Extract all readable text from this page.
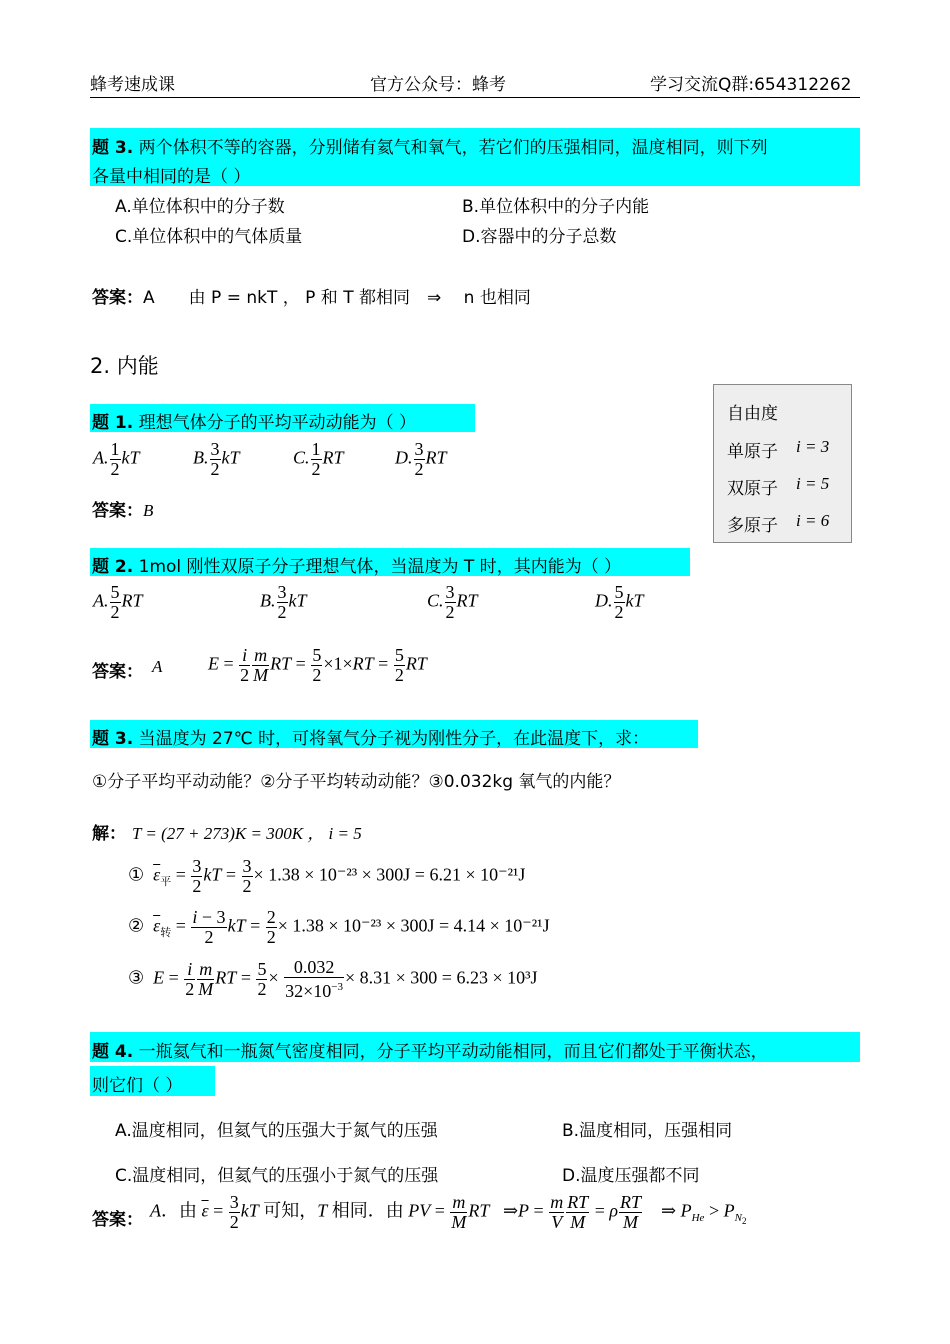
蜂考速成课	官方公众号：蜂考	学习交流Q群:654312262
题 3. 两个体积不等的容器，分别储有氦气和氧气，若它们的压强相同，温度相同，则下列
各量中相同的是（ ）
A.单位体积中的分子数	B.单位体积中的分子内能
C.单位体积中的气体质量	D.容器中的分子总数
答案：A　　由 P = nkT ， P 和 T 都相同　⇒　 n 也相同
2. 内能
自由度
单原子 i = 3
双原子 i = 5
多原子 i = 6
题 1. 理想气体分子的平均平动动能为（ ）
A. $\frac{1}{2}$ kT	B. $\frac{3}{2}$ kT	C. $\frac{1}{2}$ RT	D. $\frac{3}{2}$ RT
答案：B
题 2. 1mol 刚性双原子分子理想气体，当温度为 T 时，其内能为（ ）
A. $\frac{5}{2}$ RT	B. $\frac{3}{2}$ kT	C. $\frac{3}{2}$ RT	D. $\frac{5}{2}$ kT
答案： A	$E = \frac{i}{2} \frac{m}{M}$ RT = $\frac{5}{2} \times 1\times RT = \frac{5}{2}$ RT
题 3. 当温度为 27℃ 时，可将氧气分子视为刚性分子，在此温度下，求：
①分子平均平动动能？②分子平均转动动能？③0.032kg 氧气的内能？
解： T = (27 + 273)K = 300K ， i = 5
① $\overline{\varepsilon}_平 = \frac{3}{2}$ kT = $\frac{3}{2} \times 1.38 \times 10^{-23} \times 300J = 6.21 \times 10^{-21}J$
② $\overline{\varepsilon}_转 = \frac{i - 3}{2}$ kT = $\frac{2}{2} \times 1.38 \times 10^{-23} \times 300J = 4.14 \times 10^{-21}J$
③ $E = \frac{i}{2} \frac{m}{M}$ RT = $\frac{5}{2} \times \frac{0.032}{32\times 10^{-3}} \times 8.31 \times 300 = 6.23 \times 10^3J$
题 4. 一瓶氦气和一瓶氮气密度相同，分子平均平动动能相同，而且它们都处于平衡状态，
则它们（ ）
A.温度相同，但氦气的压强大于氮气的压强	B.温度相同，压强相同
C.温度相同，但氦气的压强小于氮气的压强	D.温度压强都不同
答案： A．由 $\overline{\varepsilon} = \frac{3}{2}$ kT 可知，T 相同．由 PV = $\frac{m}{M}$ RT   ⇒P = $\frac{m}{V} \frac{RT}{M} = \rho \frac{RT}{M}$ ⇒ $P_{He} > P_{N_2}$
